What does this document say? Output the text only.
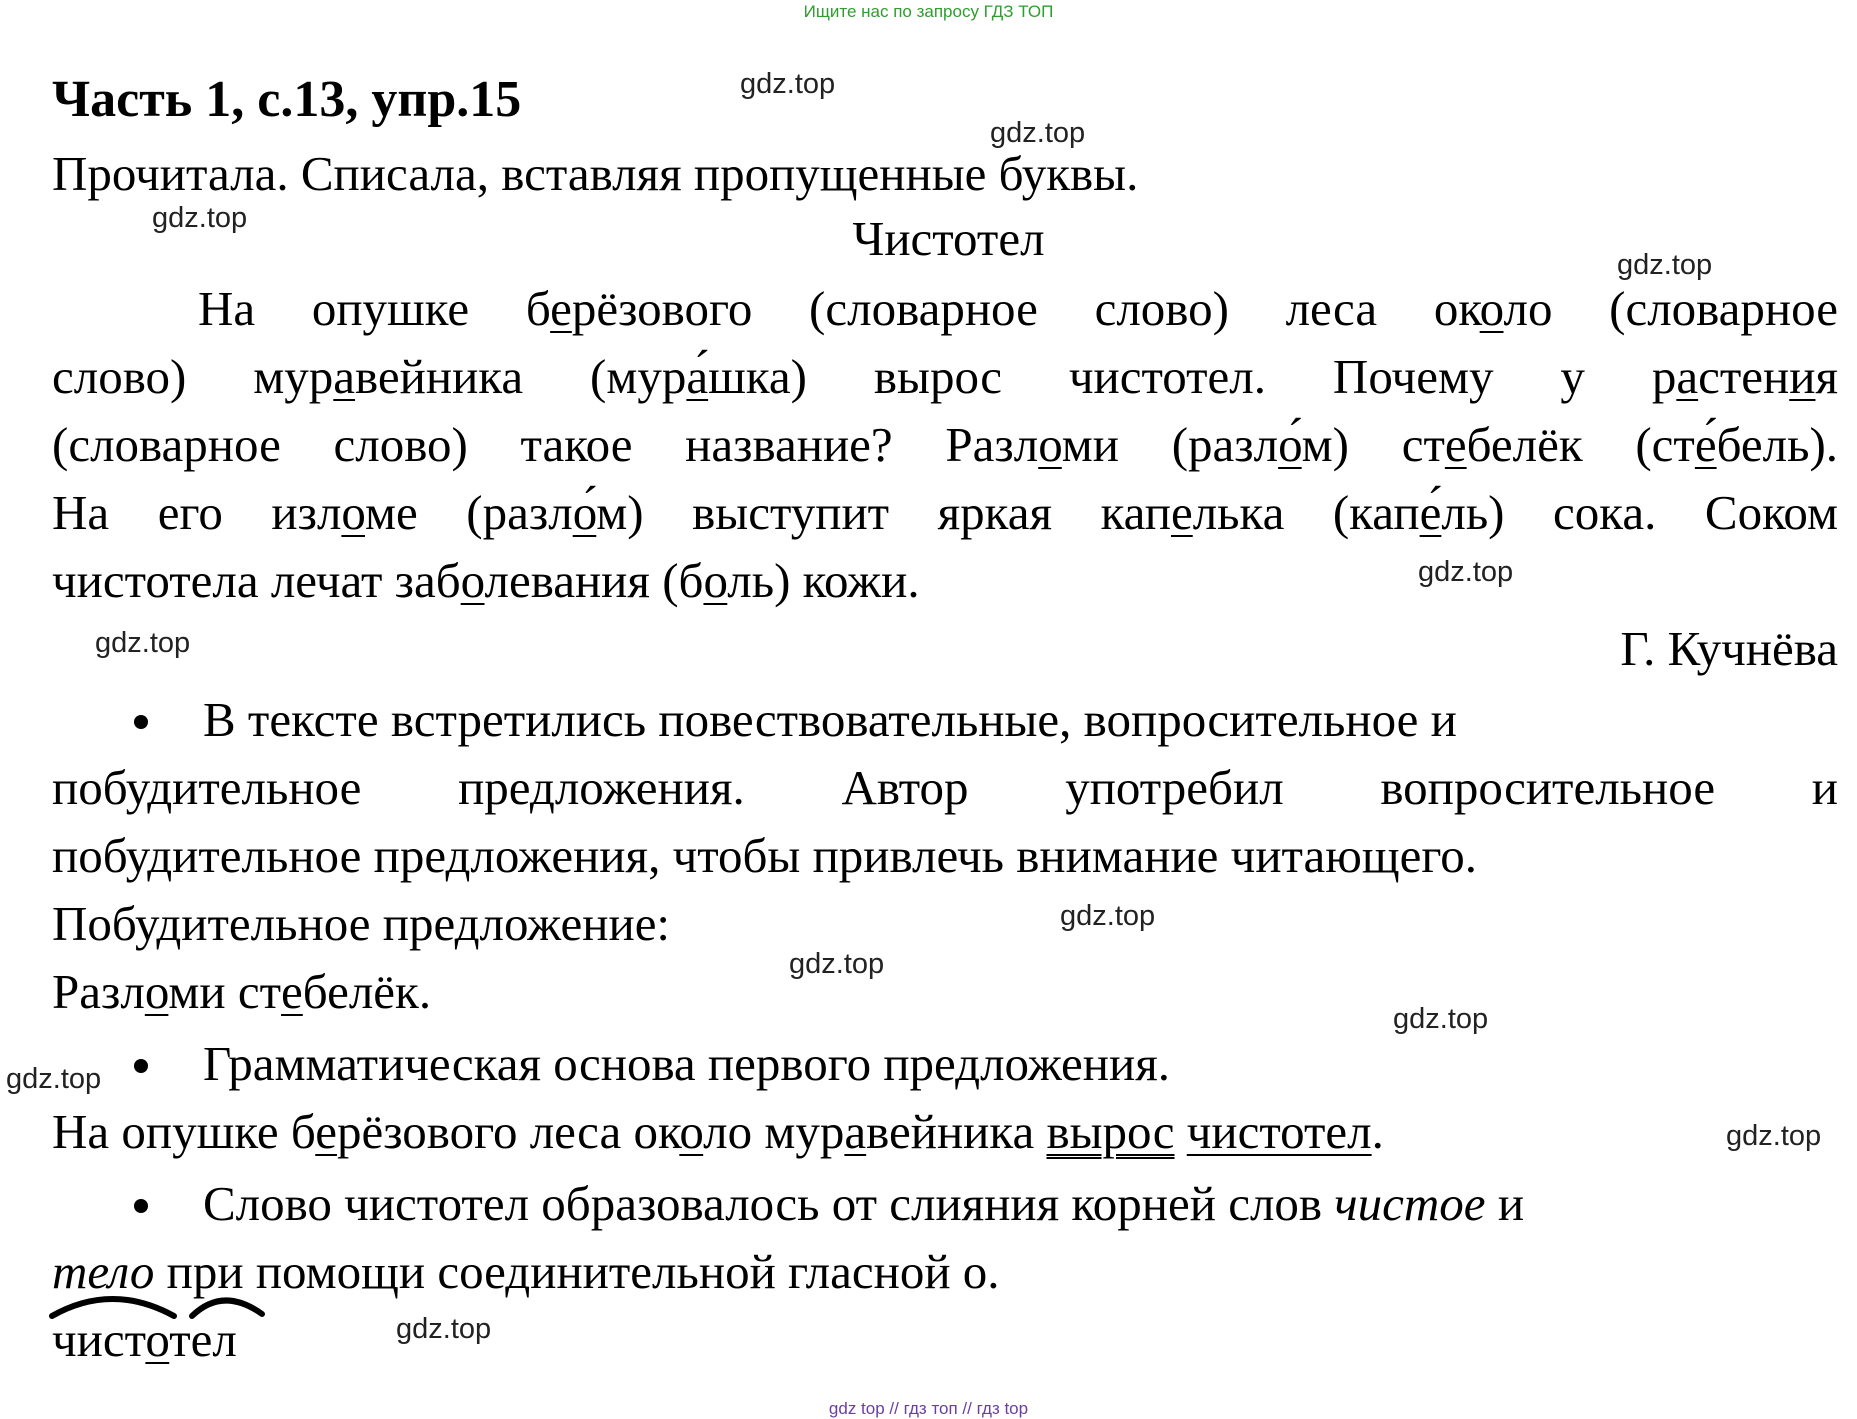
Ищите нас по запросу ГДЗ ТОП
Часть 1, с.13, упр.15
Прочитала. Списала, вставляя пропущенные буквы.
Чистотел
На опушке берёзового (словарное слово) леса около (словарное
слово) муравейника (мура́шка) вырос чистотел. Почему у растения
(словарное слово) такое название? Разломи (разло́м) стебелёк (сте́бель).
На его изломе (разло́м) выступит яркая капелька (капе́ль) сока. Соком
чистотела лечат заболевания (боль) кожи.
Г. Кучнёва
В тексте встретились повествовательные, вопросительное и
побудительное предложения. Автор употребил вопросительное и
побудительное предложения, чтобы привлечь внимание читающего.
Побудительное предложение:
Разломи стебелёк.
Грамматическая основа первого предложения.
На опушке берёзового леса около муравейника вырос чистотел.
Слово чистотел образовалось от слияния корней слов чистое и
тело при помощи соединительной гласной о.
чистотел
gdz.top
gdz.top
gdz.top
gdz.top
gdz.top
gdz.top
gdz.top
gdz.top
gdz.top
gdz.top
gdz.top
gdz.top
gdz top // гдз топ // гдз top
